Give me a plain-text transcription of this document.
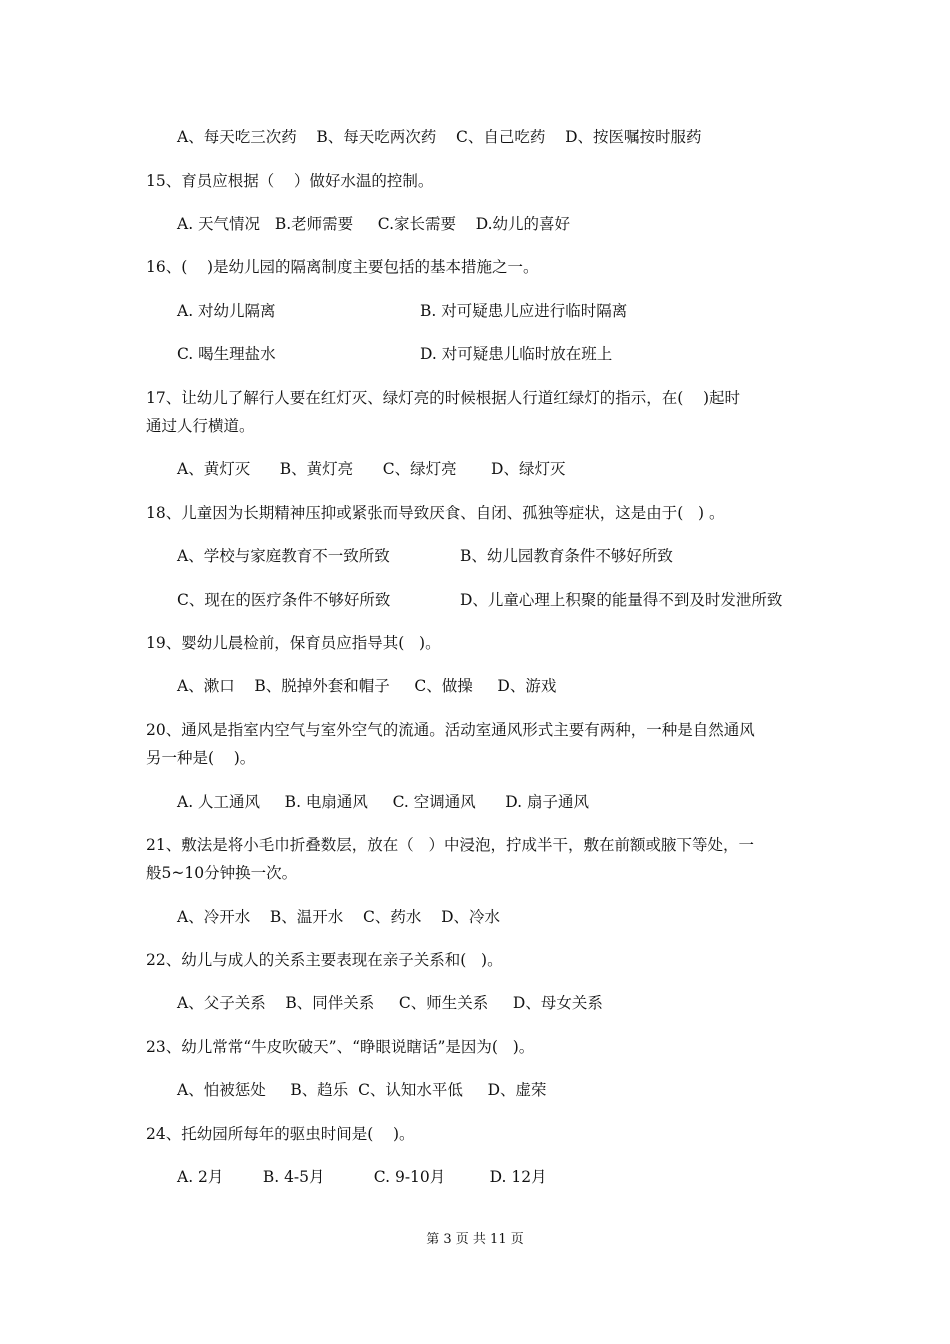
A、每天吃三次药    B、每天吃两次药    C、自己吃药    D、按医嘱按时服药
15、育员应根据（    ）做好水温的控制。
A. 天气情况   B.老师需要     C.家长需要    D.幼儿的喜好
16、(    )是幼儿园的隔离制度主要包括的基本措施之一。
A. 对幼儿隔离	B. 对可疑患儿应进行临时隔离
C. 喝生理盐水	D. 对可疑患儿临时放在班上
17、让幼儿了解行人要在红灯灭、绿灯亮的时候根据人行道红绿灯的指示，在(    )起时
通过人行横道。
A、黄灯灭      B、黄灯亮      C、绿灯亮       D、绿灯灭
18、儿童因为长期精神压抑或紧张而导致厌食、自闭、孤独等症状，这是由于(   ) 。
A、学校与家庭教育不一致所致	B、幼儿园教育条件不够好所致
C、现在的医疗条件不够好所致	D、儿童心理上积聚的能量得不到及时发泄所致
19、婴幼儿晨检前，保育员应指导其(   )。
A、漱口    B、脱掉外套和帽子     C、做操     D、游戏
20、通风是指室内空气与室外空气的流通。活动室通风形式主要有两种，一种是自然通风
另一种是(    )。
A. 人工通风     B. 电扇通风     C. 空调通风      D. 扇子通风
21、敷法是将小毛巾折叠数层，放在（   ）中浸泡，拧成半干，敷在前额或腋下等处，一
般5~10分钟换一次。
A、冷开水    B、温开水    C、药水    D、冷水
22、幼儿与成人的关系主要表现在亲子关系和(   )。
A、父子关系    B、同伴关系     C、师生关系     D、母女关系
23、幼儿常常“牛皮吹破天”、“睁眼说瞎话”是因为(   )。
A、怕被惩处     B、趋乐  C、认知水平低     D、虚荣
24、托幼园所每年的驱虫时间是(    )。
A. 2月        B. 4-5月          C. 9-10月         D. 12月
第 3 页 共 11 页
